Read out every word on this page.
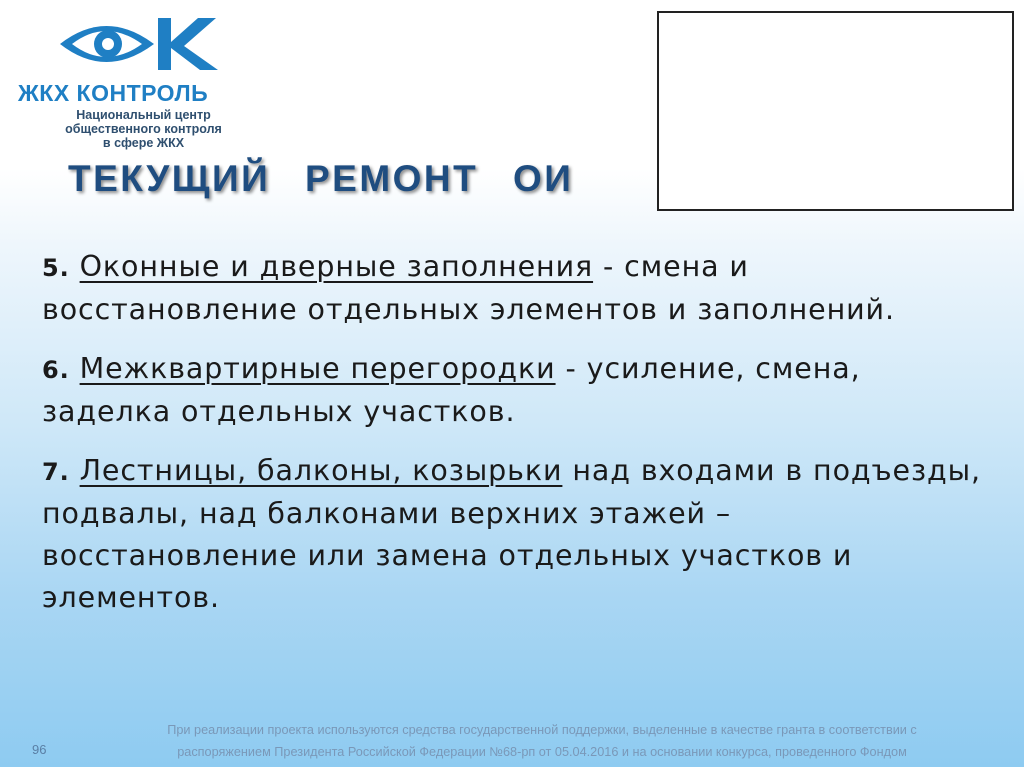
ЖКХ КОНТРОЛЬ
Национальный центр
общественного контроля
в сфере ЖКХ
ТЕКУЩИЙ РЕМОНТ ОИ

5. Оконные и дверные заполнения - смена и восстановление отдельных элементов и заполнений.

6. Межквартирные перегородки - усиление, смена, заделка отдельных участков.

7. Лестницы, балконы, козырьки над входами в подъезды, подвалы, над балконами верхних этажей – восстановление или замена отдельных участков и элементов.

96
При реализации проекта используются средства государственной поддержки, выделенные в качестве гранта в соответствии с
распоряжением Президента Российской Федерации №68-рп от 05.04.2016 и на основании конкурса, проведенного Фондом
